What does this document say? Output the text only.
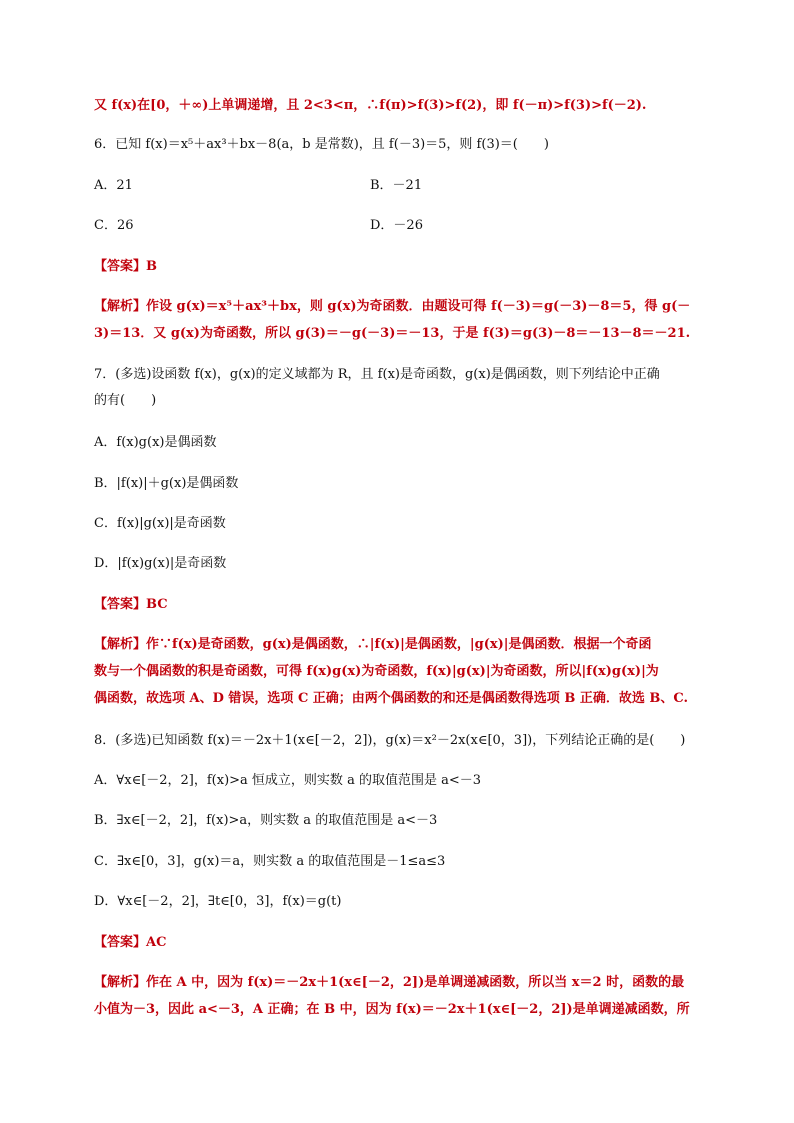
又 f(x)在[0，＋∞)上单调递增，且 2<3<π，∴f(π)>f(3)>f(2)，即 f(－π)>f(3)>f(－2).
6．已知 f(x)＝x⁵＋ax³＋bx－8(a，b 是常数)，且 f(－3)＝5，则 f(3)＝(　　)
A．21	B．－21
C．26	D．－26
【答案】B
【解析】作设 g(x)＝x⁵＋ax³＋bx，则 g(x)为奇函数．由题设可得 f(－3)＝g(－3)－8＝5，得 g(－
3)＝13．又 g(x)为奇函数，所以 g(3)＝－g(－3)＝－13，于是 f(3)＝g(3)－8＝－13－8＝－21.
7．(多选)设函数 f(x)，g(x)的定义域都为 R，且 f(x)是奇函数，g(x)是偶函数，则下列结论中正确
的有(　　)
A．f(x)g(x)是偶函数
B．|f(x)|＋g(x)是偶函数
C．f(x)|g(x)|是奇函数
D．|f(x)g(x)|是奇函数
【答案】BC
【解析】作∵f(x)是奇函数，g(x)是偶函数，∴|f(x)|是偶函数，|g(x)|是偶函数．根据一个奇函
数与一个偶函数的积是奇函数，可得 f(x)g(x)为奇函数，f(x)|g(x)|为奇函数，所以|f(x)g(x)|为
偶函数，故选项 A、D 错误，选项 C 正确；由两个偶函数的和还是偶函数得选项 B 正确．故选 B、C.
8．(多选)已知函数 f(x)＝－2x＋1(x∈[－2，2])，g(x)＝x²－2x(x∈[0，3])，下列结论正确的是(　　)
A．∀x∈[－2，2]，f(x)>a 恒成立，则实数 a 的取值范围是 a<－3
B．∃x∈[－2，2]，f(x)>a，则实数 a 的取值范围是 a<－3
C．∃x∈[0，3]，g(x)＝a，则实数 a 的取值范围是－1≤a≤3
D．∀x∈[－2，2]，∃t∈[0，3]，f(x)＝g(t)
【答案】AC
【解析】作在 A 中，因为 f(x)＝－2x＋1(x∈[－2，2])是单调递减函数，所以当 x＝2 时，函数的最
小值为－3，因此 a<－3，A 正确；在 B 中，因为 f(x)＝－2x＋1(x∈[－2，2])是单调递减函数，所
